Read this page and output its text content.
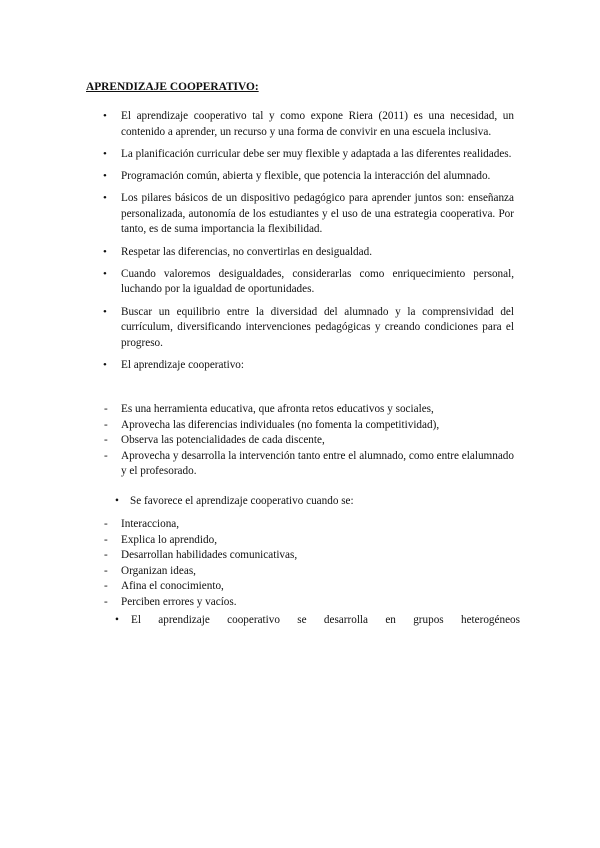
APRENDIZAJE COOPERATIVO:
• El aprendizaje cooperativo tal y como expone Riera (2011) es una necesidad, un contenido a aprender, un recurso y una forma de convivir en una escuela inclusiva.
• La planificación curricular debe ser muy flexible y adaptada a las diferentes realidades.
• Programación común, abierta y flexible, que potencia la interacción del alumnado.
• Los pilares básicos de un dispositivo pedagógico para aprender juntos son: enseñanza personalizada, autonomía de los estudiantes y el uso de una estrategia cooperativa. Por tanto, es de suma importancia la flexibilidad.
• Respetar las diferencias, no convertirlas en desigualdad.
• Cuando valoremos desigualdades, considerarlas como enriquecimiento personal, luchando por la igualdad de oportunidades.
• Buscar un equilibrio entre la diversidad del alumnado y la comprensividad del currículum, diversificando intervenciones pedagógicas y creando condiciones para el progreso.
• El aprendizaje cooperativo:
- Es una herramienta educativa, que afronta retos educativos y sociales,
- Aprovecha las diferencias individuales (no fomenta la competitividad),
- Observa las potencialidades de cada discente,
- Aprovecha y desarrolla la intervención tanto entre el alumnado, como entre elalumnado y el profesorado.
• Se favorece el aprendizaje cooperativo cuando se:
- Interacciona,
- Explica lo aprendido,
- Desarrollan habilidades comunicativas,
- Organizan ideas,
- Afina el conocimiento,
- Perciben errores y vacíos.
• El aprendizaje cooperativo se desarrolla en grupos heterogéneos
